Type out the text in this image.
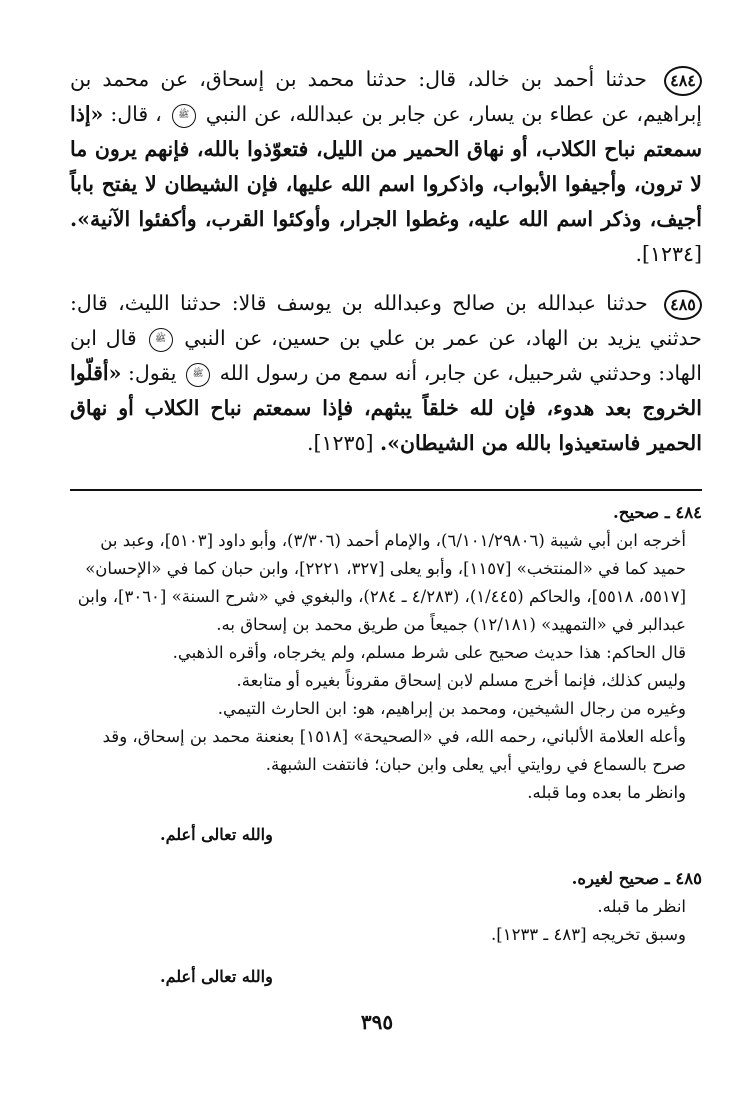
٤٨٤ حدثنا أحمد بن خالد، قال: حدثنا محمد بن إسحاق، عن محمد بن إبراهيم، عن عطاء بن يسار، عن جابر بن عبدالله، عن النبي ﷺ ، قال: «إذا سمعتم نباح الكلاب، أو نهاق الحمير من الليل، فتعوّذوا بالله، فإنهم يرون ما لا ترون، وأجيفوا الأبواب، واذكروا اسم الله عليها، فإن الشيطان لا يفتح باباً أجيف، وذكر اسم الله عليه، وغطوا الجرار، وأوكئوا القرب، وأكفئوا الآنية». [١٢٣٤].

٤٨٥ حدثنا عبدالله بن صالح وعبدالله بن يوسف قالا: حدثنا الليث، قال: حدثني يزيد بن الهاد، عن عمر بن علي بن حسين، عن النبي ﷺ قال ابن الهاد: وحدثني شرحبيل، عن جابر، أنه سمع من رسول الله ﷺ يقول: «أقلّوا الخروج بعد هدوء، فإن لله خلقاً يبثهم، فإذا سمعتم نباح الكلاب أو نهاق الحمير فاستعيذوا بالله من الشيطان». [١٢٣٥].

٤٨٤ ـ صحيح.

أخرجه ابن أبي شيبة (٦/١٠١/٢٩٨٠٦)، والإمام أحمد (٣/٣٠٦)، وأبو داود [٥١٠٣]، وعبد بن حميد كما في «المنتخب» [١١٥٧]، وأبو يعلى [٣٢٧، ٢٢٢١]، وابن حبان كما في «الإحسان» [٥٥١٧، ٥٥١٨]، والحاكم (١/٤٤٥)، (٤/٢٨٣ ـ ٢٨٤)، والبغوي في «شرح السنة» [٣٠٦٠]، وابن عبدالبر في «التمهيد» (١٢/١٨١) جميعاً من طريق محمد بن إسحاق به.

قال الحاكم: هذا حديث صحيح على شرط مسلم، ولم يخرجاه، وأقره الذهبي.

وليس كذلك، فإنما أخرج مسلم لابن إسحاق مقروناً بغيره أو متابعة.

وغيره من رجال الشيخين، ومحمد بن إبراهيم، هو: ابن الحارث التيمي.

وأعله العلامة الألباني، رحمه الله، في «الصحيحة» [١٥١٨] بعنعنة محمد بن إسحاق، وقد صرح بالسماع في روايتي أبي يعلى وابن حبان؛ فانتفت الشبهة.

وانظر ما بعده وما قبله.

والله تعالى أعلم.

٤٨٥ ـ صحيح لغيره.

انظر ما قبله.

وسبق تخريجه [٤٨٣ ـ ١٢٣٣].

والله تعالى أعلم.

٣٩٥
